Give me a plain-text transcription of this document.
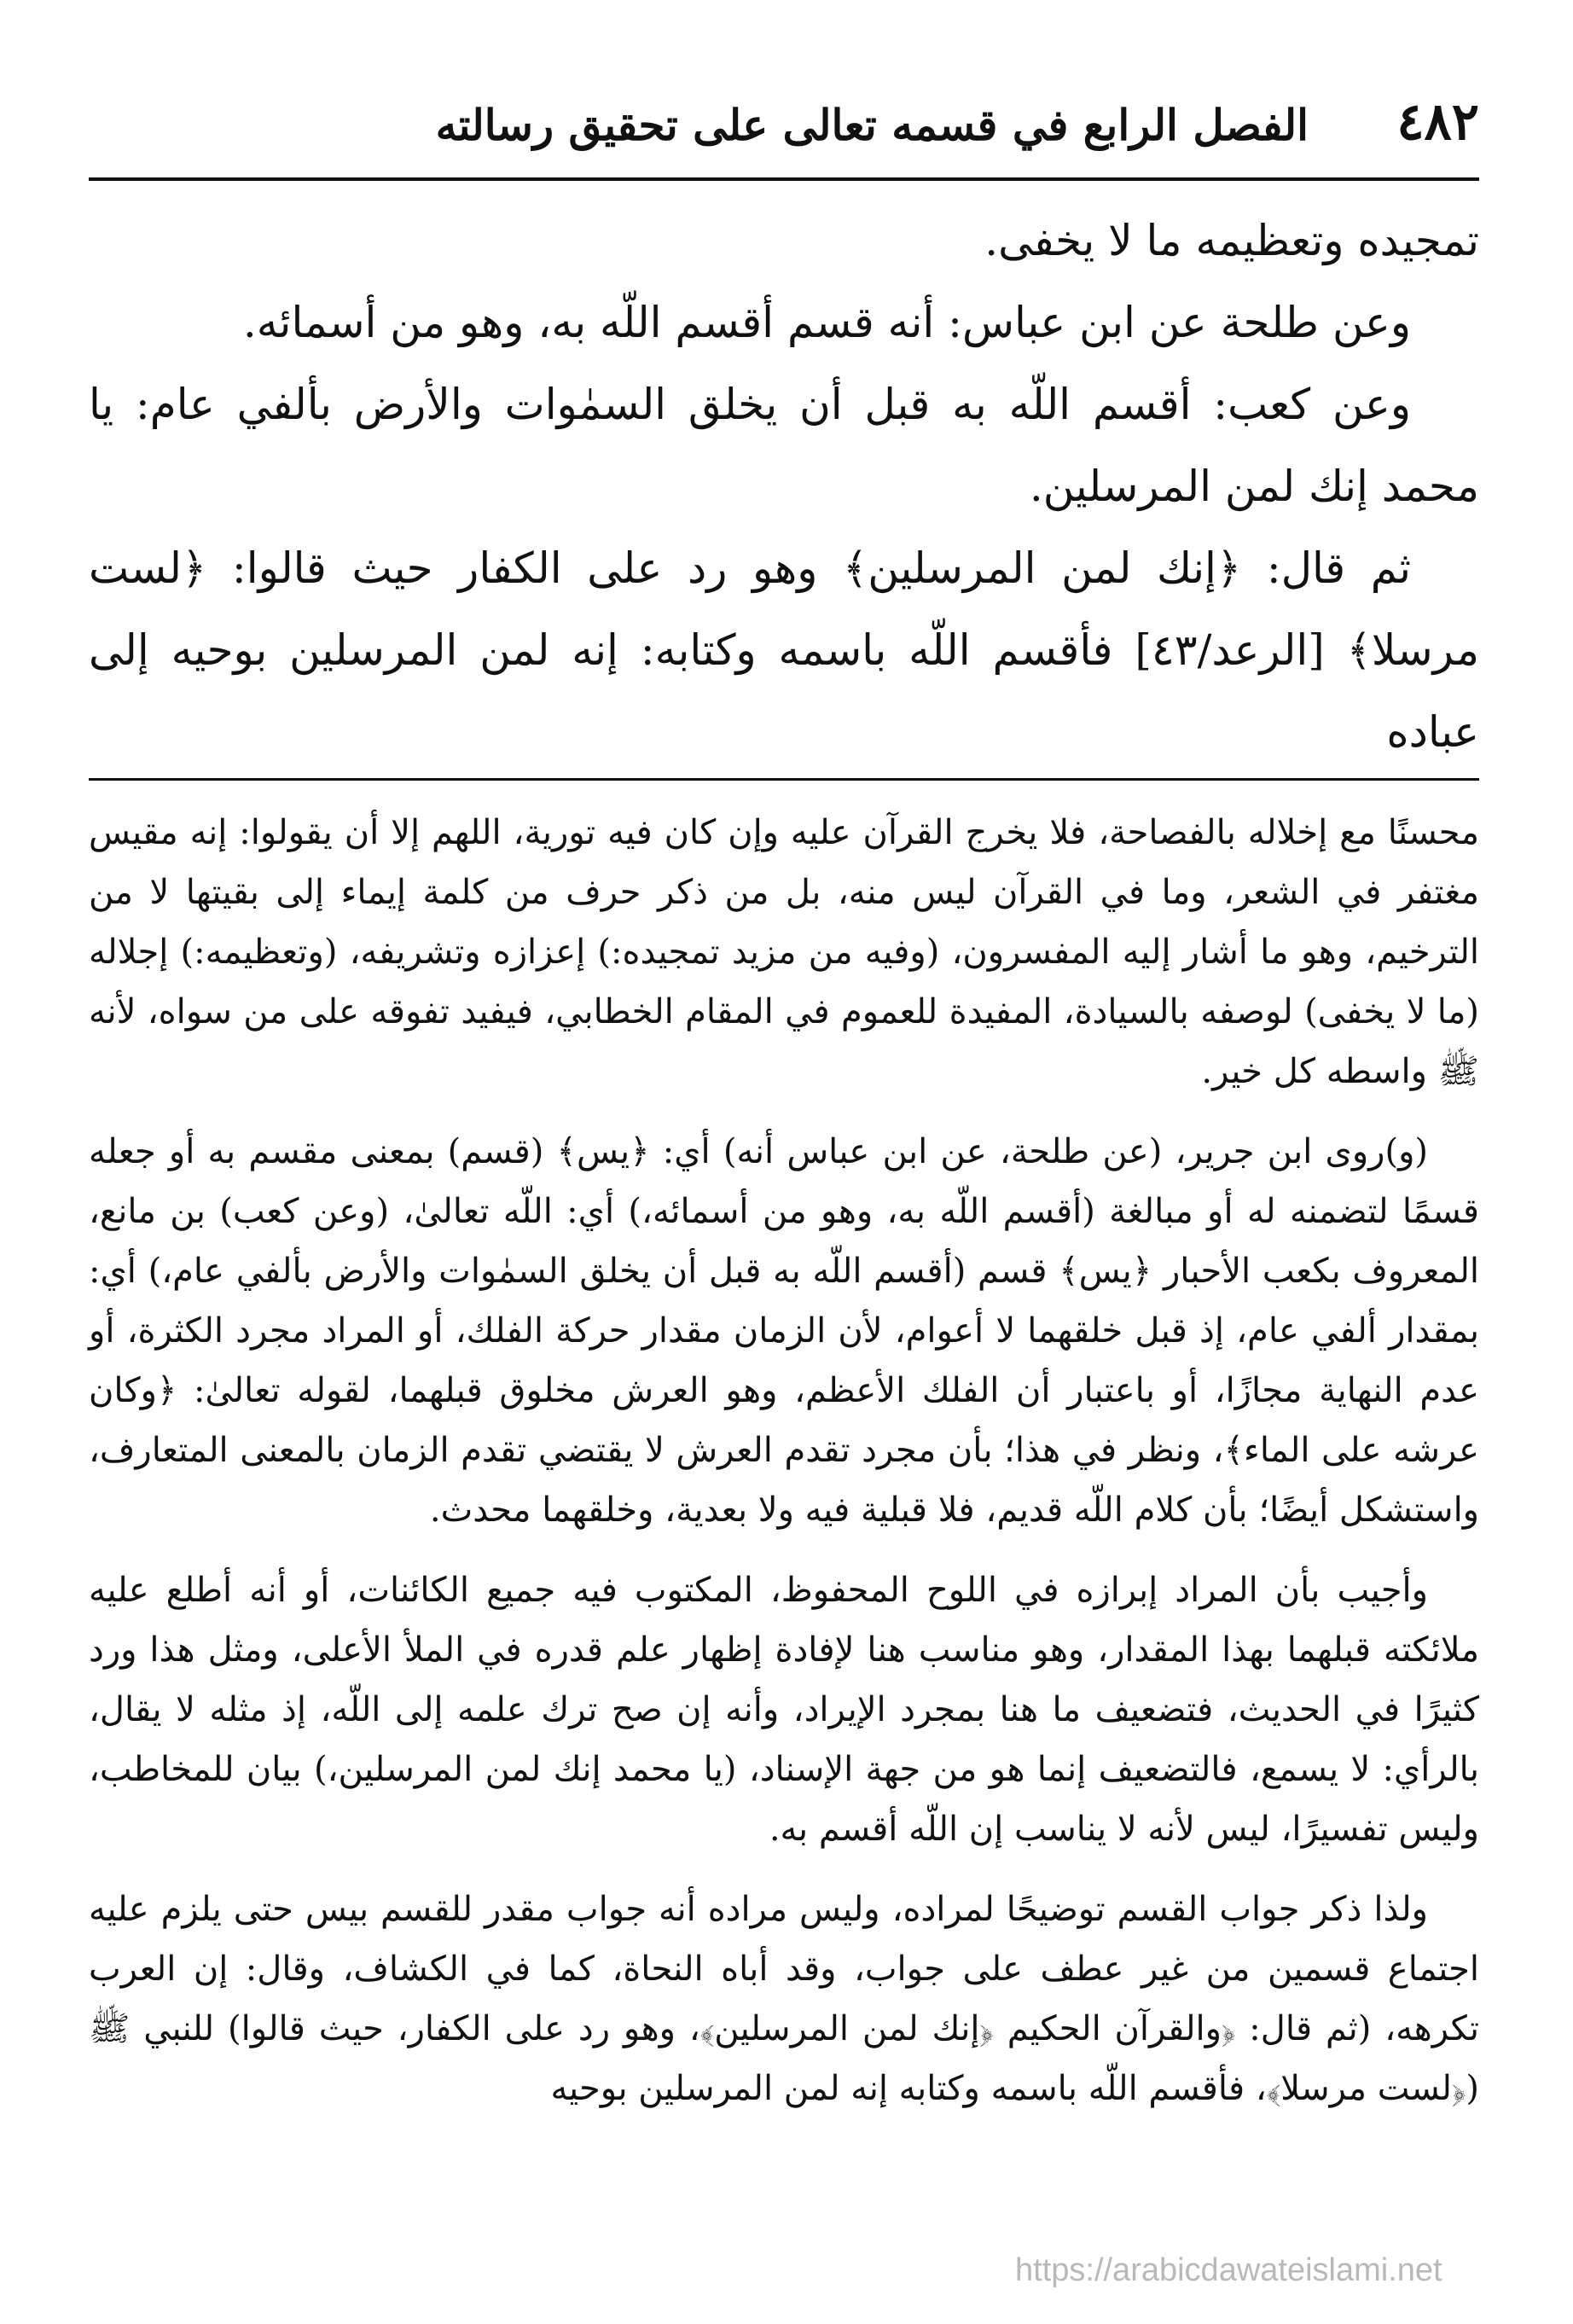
٤٨٢
الفصل الرابع في قسمه تعالى على تحقيق رسالته

تمجيده وتعظيمه ما لا يخفى.

وعن طلحة عن ابن عباس: أنه قسم أقسم اللّه به، وهو من أسمائه.

وعن كعب: أقسم اللّه به قبل أن يخلق السمٰوات والأرض بألفي عام: يا محمد إنك لمن المرسلين.

ثم قال: ﴿إنك لمن المرسلين﴾ وهو رد على الكفار حيث قالوا: ﴿لست مرسلا﴾ [الرعد/٤٣] فأقسم اللّه باسمه وكتابه: إنه لمن المرسلين بوحيه إلى عباده

محسنًا مع إخلاله بالفصاحة، فلا يخرج القرآن عليه وإن كان فيه تورية، اللهم إلا أن يقولوا: إنه مقيس مغتفر في الشعر، وما في القرآن ليس منه، بل من ذكر حرف من كلمة إيماء إلى بقيتها لا من الترخيم، وهو ما أشار إليه المفسرون، (وفيه من مزيد تمجيده:) إعزازه وتشريفه، (وتعظيمه:) إجلاله (ما لا يخفى) لوصفه بالسيادة، المفيدة للعموم في المقام الخطابي، فيفيد تفوقه على من سواه، لأنه ﷺ واسطه كل خير.

(و)روى ابن جرير، (عن طلحة، عن ابن عباس أنه) أي: ﴿يس﴾ (قسم) بمعنى مقسم به أو جعله قسمًا لتضمنه له أو مبالغة (أقسم اللّه به، وهو من أسمائه،) أي: اللّه تعالىٰ، (وعن كعب) بن مانع، المعروف بكعب الأحبار ﴿يس﴾ قسم (أقسم اللّه به قبل أن يخلق السمٰوات والأرض بألفي عام،) أي: بمقدار ألفي عام، إذ قبل خلقهما لا أعوام، لأن الزمان مقدار حركة الفلك، أو المراد مجرد الكثرة، أو عدم النهاية مجازًا، أو باعتبار أن الفلك الأعظم، وهو العرش مخلوق قبلهما، لقوله تعالىٰ: ﴿وكان عرشه على الماء﴾، ونظر في هذا؛ بأن مجرد تقدم العرش لا يقتضي تقدم الزمان بالمعنى المتعارف، واستشكل أيضًا؛ بأن كلام اللّه قديم، فلا قبلية فيه ولا بعدية، وخلقهما محدث.

وأجيب بأن المراد إبرازه في اللوح المحفوظ، المكتوب فيه جميع الكائنات، أو أنه أطلع عليه ملائكته قبلهما بهذا المقدار، وهو مناسب هنا لإفادة إظهار علم قدره في الملأ الأعلى، ومثل هذا ورد كثيرًا في الحديث، فتضعيف ما هنا بمجرد الإيراد، وأنه إن صح ترك علمه إلى اللّه، إذ مثله لا يقال، بالرأي: لا يسمع، فالتضعيف إنما هو من جهة الإسناد، (يا محمد إنك لمن المرسلين،) بيان للمخاطب، وليس تفسيرًا، ليس لأنه لا يناسب إن اللّه أقسم به.

ولذا ذكر جواب القسم توضيحًا لمراده، وليس مراده أنه جواب مقدر للقسم بيس حتى يلزم عليه اجتماع قسمين من غير عطف على جواب، وقد أباه النحاة، كما في الكشاف، وقال: إن العرب تكرهه، (ثم قال: ﴿والقرآن الحكيم ﴿إنك لمن المرسلين﴾، وهو رد على الكفار، حيث قالوا) للنبي ﷺ (﴿لست مرسلا﴾، فأقسم اللّه باسمه وكتابه إنه لمن المرسلين بوحيه

https://arabicdawateislami.net
